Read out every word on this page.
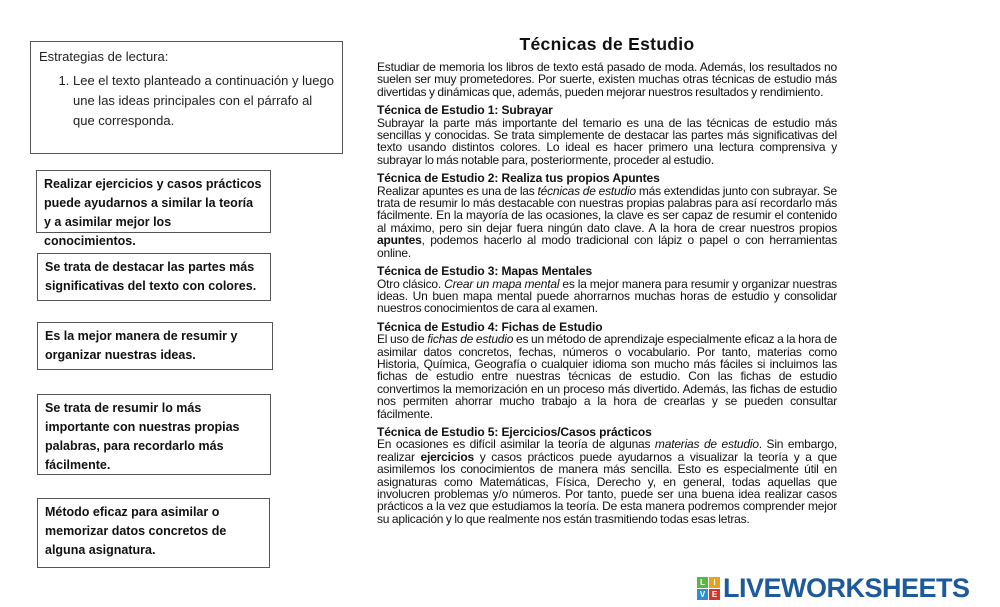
Estrategias de lectura:
1. Lee el texto planteado a continuación y luego une las ideas principales con el párrafo al que corresponda.
Realizar ejercicios y casos prácticos puede ayudarnos a similar la teoría y a asimilar mejor los conocimientos.
Se trata de destacar las partes más significativas del texto con colores.
Es la mejor manera de resumir y organizar nuestras ideas.
Se trata de resumir lo más importante con nuestras propias palabras, para recordarlo más fácilmente.
Método eficaz para asimilar o memorizar datos concretos de alguna asignatura.
Técnicas de Estudio

Estudiar de memoria los libros de texto está pasado de moda. Además, los resultados no suelen ser muy prometedores. Por suerte, existen muchas otras técnicas de estudio más divertidas y dinámicas que, además, pueden mejorar nuestros resultados y rendimiento.

Técnica de Estudio 1: Subrayar

Subrayar la parte más importante del temario es una de las técnicas de estudio más sencillas y conocidas. Se trata simplemente de destacar las partes más significativas del texto usando distintos colores. Lo ideal es hacer primero una lectura comprensiva y subrayar lo más notable para, posteriormente, proceder al estudio.

Técnica de Estudio 2: Realiza tus propios Apuntes

Realizar apuntes es una de las técnicas de estudio más extendidas junto con subrayar. Se trata de resumir lo más destacable con nuestras propias palabras para así recordarlo más fácilmente. En la mayoría de las ocasiones, la clave es ser capaz de resumir el contenido al máximo, pero sin dejar fuera ningún dato clave. A la hora de crear nuestros propios apuntes, podemos hacerlo al modo tradicional con lápiz o papel o con herramientas online.

Técnica de Estudio 3: Mapas Mentales

Otro clásico. Crear un mapa mental es la mejor manera para resumir y organizar nuestras ideas. Un buen mapa mental puede ahorrarnos muchas horas de estudio y consolidar nuestros conocimientos de cara al examen.

Técnica de Estudio 4: Fichas de Estudio

El uso de fichas de estudio es un método de aprendizaje especialmente eficaz a la hora de asimilar datos concretos, fechas, números o vocabulario. Por tanto, materias como Historia, Química, Geografía o cualquier idioma son mucho más fáciles si incluimos las fichas de estudio entre nuestras técnicas de estudio. Con las fichas de estudio convertimos la memorización en un proceso más divertido. Además, las fichas de estudio nos permiten ahorrar mucho trabajo a la hora de crearlas y se pueden consultar fácilmente.

Técnica de Estudio 5: Ejercicios/Casos prácticos

En ocasiones es difícil asimilar la teoría de algunas materias de estudio. Sin embargo, realizar ejercicios y casos prácticos puede ayudarnos a visualizar la teoría y a que asimilemos los conocimientos de manera más sencilla. Esto es especialmente útil en asignaturas como Matemáticas, Física, Derecho y, en general, todas aquellas que involucren problemas y/o números. Por tanto, puede ser una buena idea realizar casos prácticos a la vez que estudiamos la teoría. De esta manera podremos comprender mejor su aplicación y lo que realmente nos están trasmitiendo todas esas letras.

L	I
V E LIVEWORKSHEETS
